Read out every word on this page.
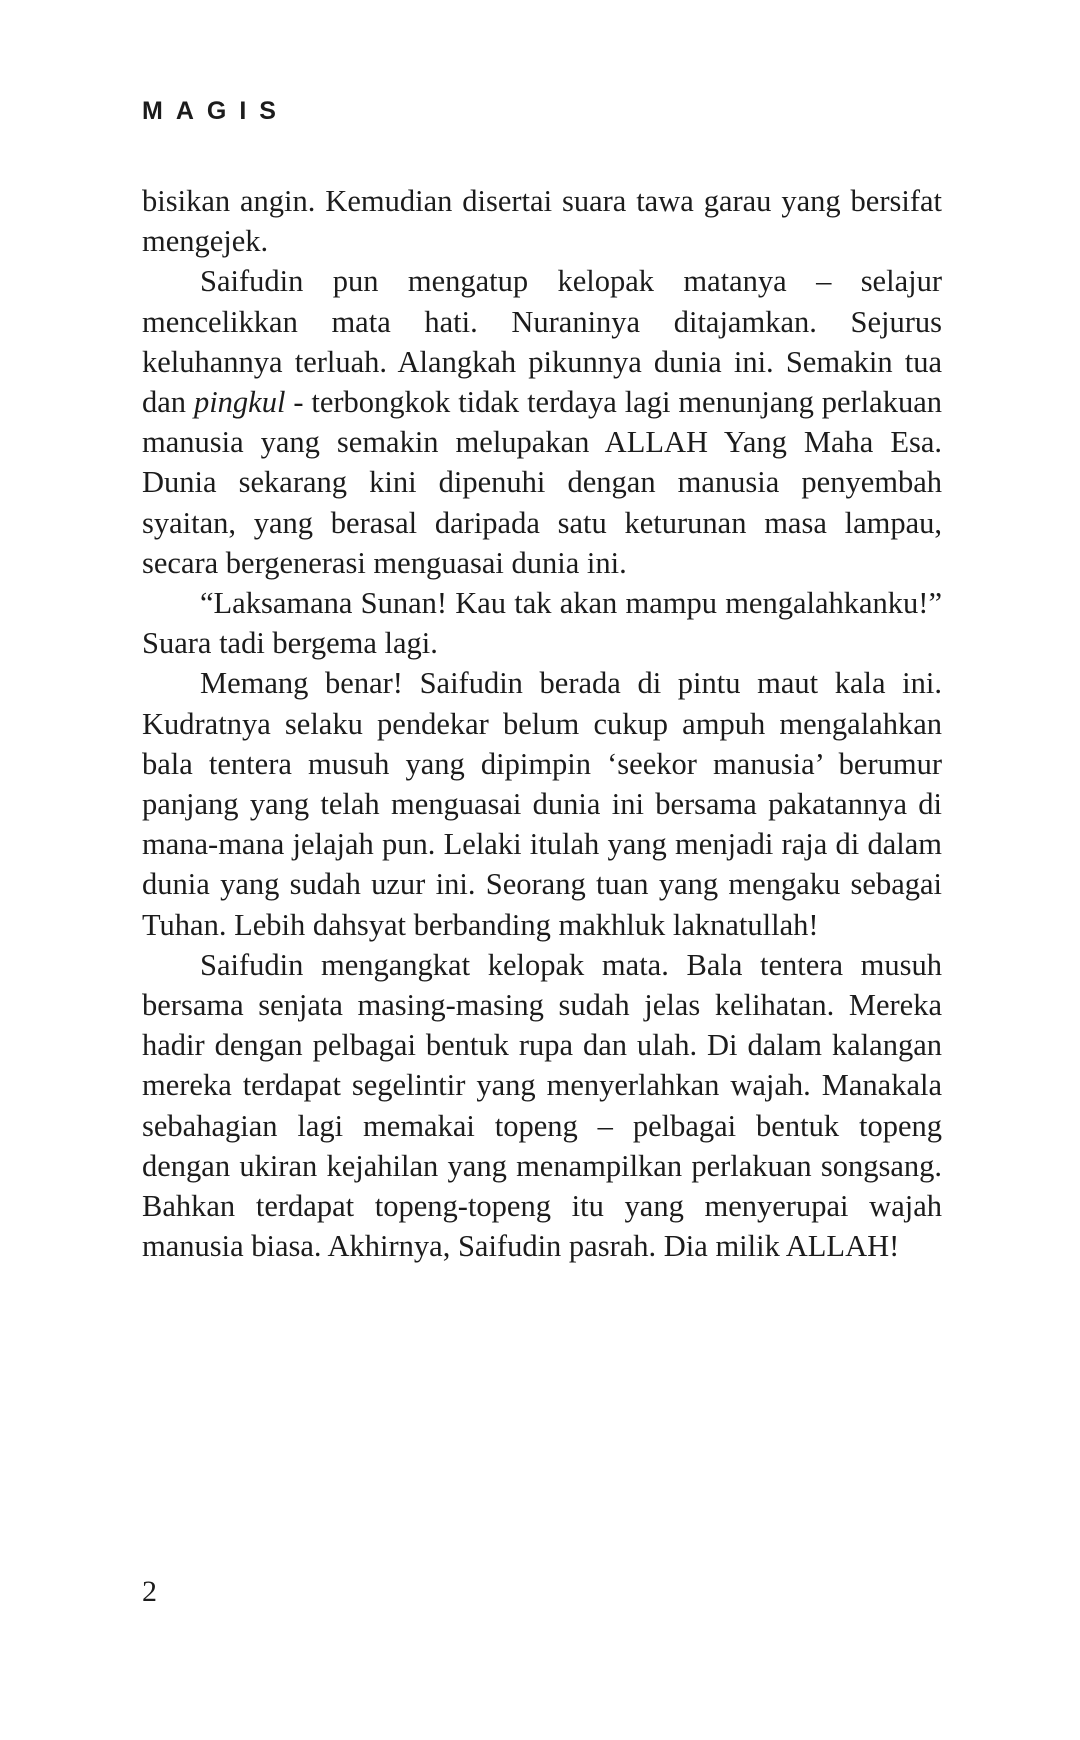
MAGIS

bisikan angin. Kemudian disertai suara tawa garau yang bersifat mengejek.

Saifudin pun mengatup kelopak matanya – selajur mencelikkan mata hati. Nuraninya ditajamkan. Sejurus keluhannya terluah. Alangkah pikunnya dunia ini. Semakin tua dan pingkul - terbongkok tidak terdaya lagi menunjang perlakuan manusia yang semakin melupakan ALLAH Yang Maha Esa. Dunia sekarang kini dipenuhi dengan manusia penyembah syaitan, yang berasal daripada satu keturunan masa lampau, secara bergenerasi menguasai dunia ini.

“Laksamana Sunan! Kau tak akan mampu mengalahkanku!” Suara tadi bergema lagi.

Memang benar! Saifudin berada di pintu maut kala ini. Kudratnya selaku pendekar belum cukup ampuh mengalahkan bala tentera musuh yang dipimpin ‘seekor manusia’ berumur panjang yang telah menguasai dunia ini bersama pakatannya di mana-mana jelajah pun. Lelaki itulah yang menjadi raja di dalam dunia yang sudah uzur ini. Seorang tuan yang mengaku sebagai Tuhan. Lebih dahsyat berbanding makhluk laknatullah!

Saifudin mengangkat kelopak mata. Bala tentera musuh bersama senjata masing-masing sudah jelas kelihatan. Mereka hadir dengan pelbagai bentuk rupa dan ulah. Di dalam kalangan mereka terdapat segelintir yang menyerlahkan wajah. Manakala sebahagian lagi memakai topeng – pelbagai bentuk topeng dengan ukiran kejahilan yang menampilkan perlakuan songsang. Bahkan terdapat topeng-topeng itu yang menyerupai wajah manusia biasa. Akhirnya, Saifudin pasrah. Dia milik ALLAH!

2
